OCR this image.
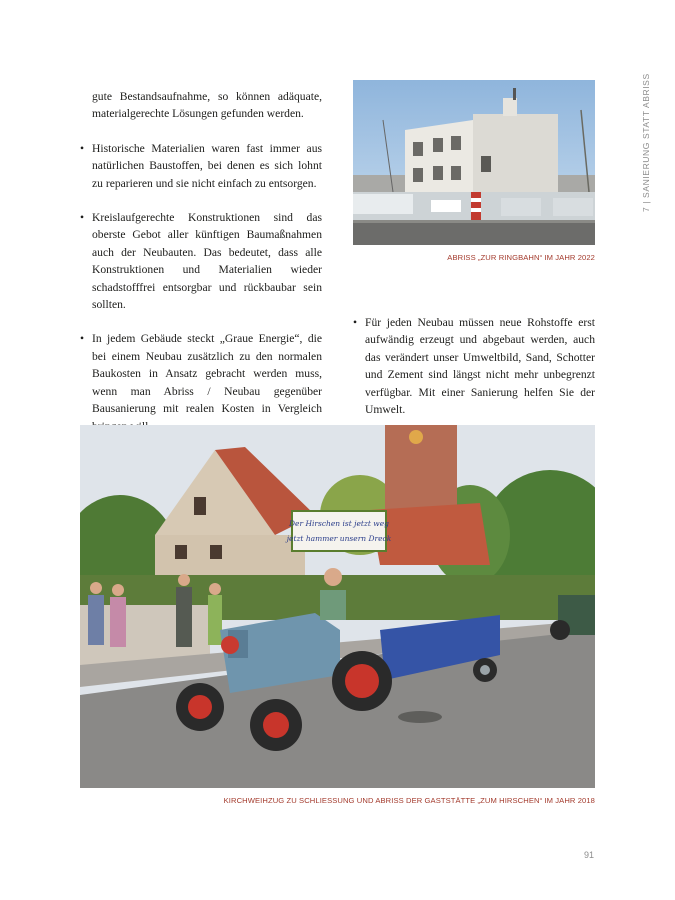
7 | SANIERUNG STATT ABRISS

gute Bestandsaufnahme, so können adäquate, materialgerechte Lösungen gefunden werden.

• Historische Materialien waren fast immer aus natürlichen Baustoffen, bei denen es sich lohnt zu reparieren und sie nicht einfach zu entsorgen.

• Kreislaufgerechte Konstruktionen sind das oberste Gebot aller künftigen Baumaßnahmen auch der Neubauten. Das bedeutet, dass alle Konstruktionen und Materialien wieder schadstofffrei entsorgbar und rückbaubar sein sollten.

• In jedem Gebäude steckt „Graue Energie“, die bei einem Neubau zusätzlich zu den normalen Baukosten in Ansatz gebracht werden muss, wenn man Abriss / Neubau gegenüber Bausanierung mit realen Kosten in Vergleich

• Für jeden Neubau müssen neue Rohstoffe erst aufwändig erzeugt und abgebaut werden, auch das verändert unser Umweltbild, Sand, Schotter und Zement sind längst nicht mehr unbegrenzt verfügbar. Mit einer Sanierung helfen Sie der Umwelt.

ABRISS „ZUR RINGBAHN“ IM JAHR 2022
Der Hirschen ist jetzt weg
jetzt hammer unsern Dreck
KIRCHWEIHZUG ZU SCHLIESSUNG UND ABRISS DER GASTSTÄTTE „ZUM HIRSCHEN“ IM JAHR 2018
91
